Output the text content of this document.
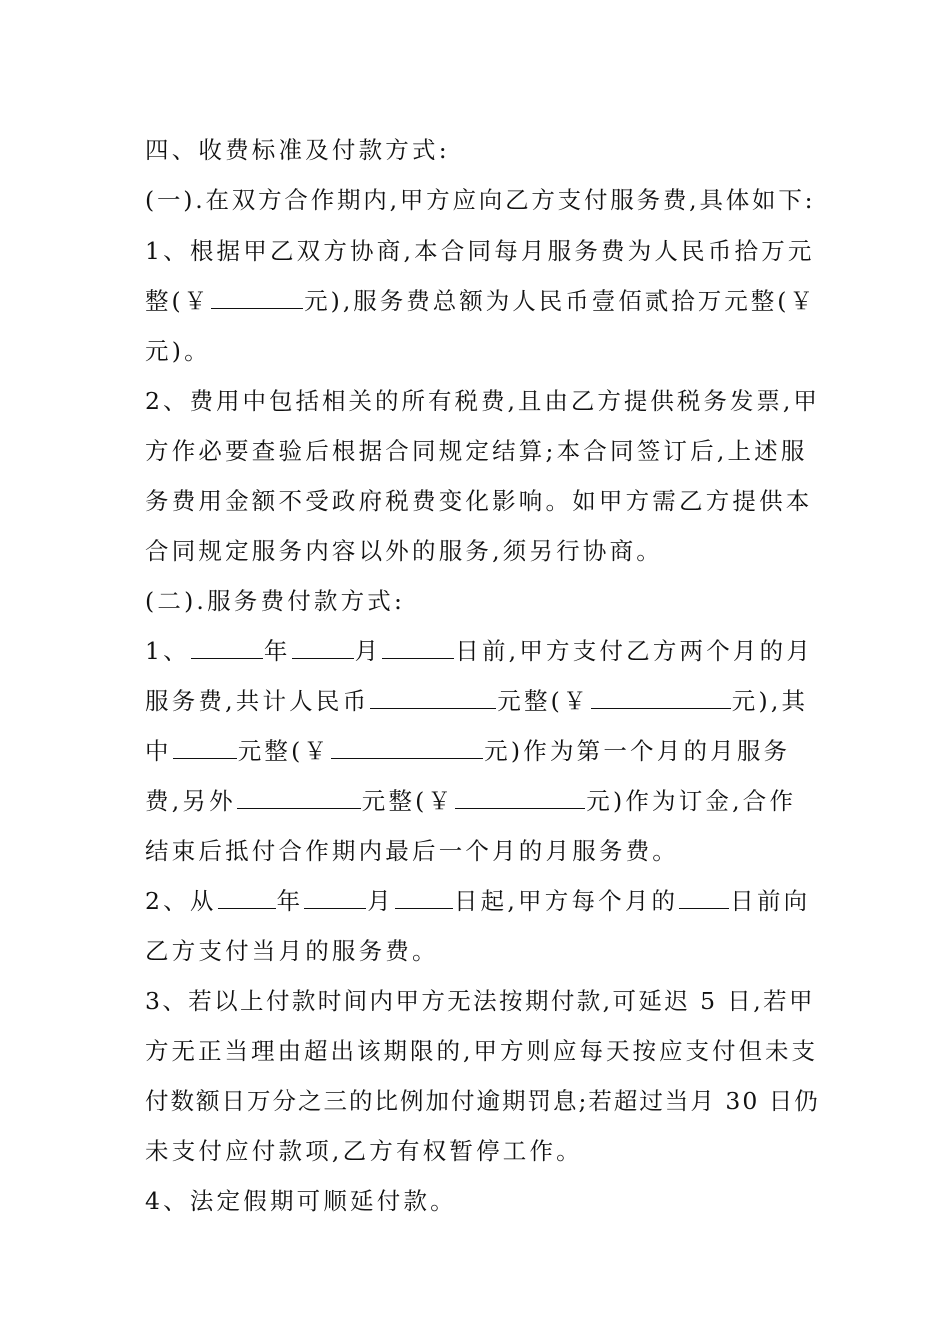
四、收费标准及付款方式:
(一).在双方合作期内,甲方应向乙方支付服务费,具体如下:
1、根据甲乙双方协商,本合同每月服务费为人民币拾万元
整(￥	元),服务费总额为人民币壹佰贰拾万元整(￥
元)。
2、费用中包括相关的所有税费,且由乙方提供税务发票,甲
方作必要查验后根据合同规定结算;本合同签订后,上述服
务费用金额不受政府税费变化影响。如甲方需乙方提供本
合同规定服务内容以外的服务,须另行协商。
(二).服务费付款方式:
1、	年	月	日前,甲方支付乙方两个月的月
服务费,共计人民币	元整(￥	元),其
中	元整(￥	元)作为第一个月的月服务
费,另外	元整(￥	元)作为订金,合作
结束后抵付合作期内最后一个月的月服务费。
2、从	年	月	日起,甲方每个月的 日前向
乙方支付当月的服务费。
3、若以上付款时间内甲方无法按期付款,可延迟 5 日,若甲
方无正当理由超出该期限的,甲方则应每天按应支付但未支
付数额日万分之三的比例加付逾期罚息;若超过当月 30 日仍
未支付应付款项,乙方有权暂停工作。
4、法定假期可顺延付款。
